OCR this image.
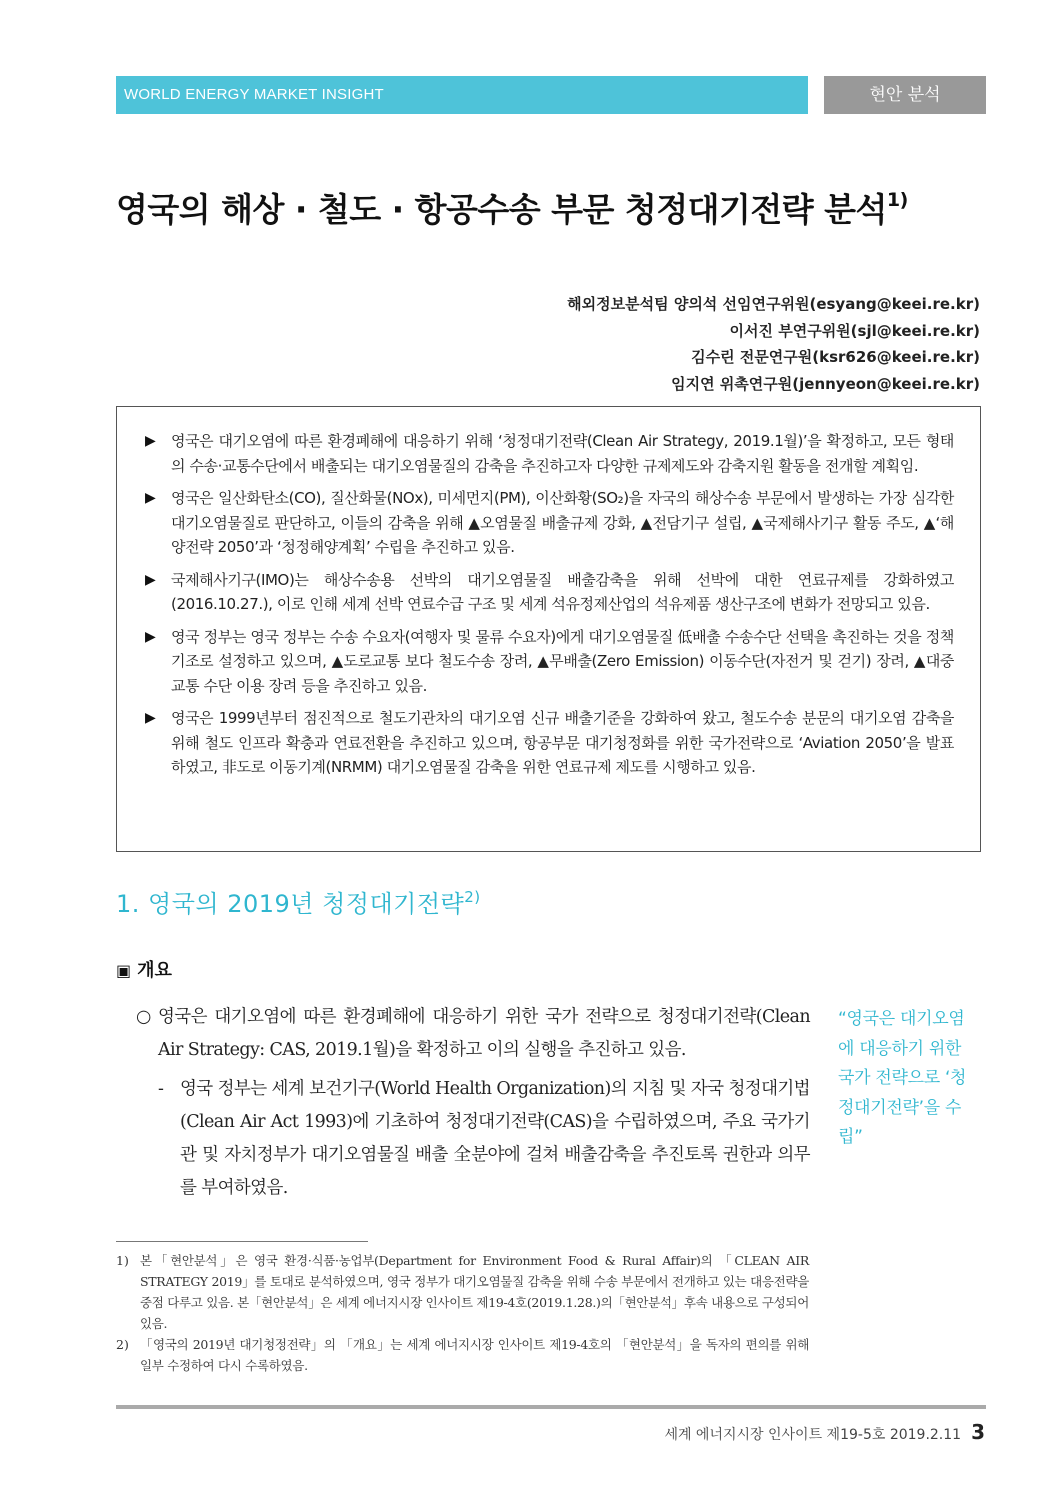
WORLD ENERGY MARKET INSIGHT	현안 분석
영국의 해상 · 철도 · 항공수송 부문 청정대기전략 분석$^{1)}$
해외정보분석팀 양의석 선임연구위원(esyang@keei.re.kr)
이서진 부연구위원(sjl@keei.re.kr)
김수린 전문연구원(ksr626@keei.re.kr)
임지연 위촉연구원(jennyeon@keei.re.kr)
▶	영국은 대기오염에 따른 환경폐해에 대응하기 위해 ‘청정대기전략(Clean Air Strategy, 2019.1월)’을 확정하고, 모든 형태의 수송·교통수단에서 배출되는 대기오염물질의 감축을 추진하고자 다양한 규제제도와 감축지원 활동을 전개할 계획임.
▶	영국은 일산화탄소(CO), 질산화물(NOx), 미세먼지(PM), 이산화황(SO₂)을 자국의 해상수송 부문에서 발생하는 가장 심각한 대기오염물질로 판단하고, 이들의 감축을 위해 ▲오염물질 배출규제 강화, ▲전담기구 설립, ▲국제해사기구 활동 주도, ▲‘해양전략 2050’과 ‘청정해양계획’ 수립을 추진하고 있음.
▶	국제해사기구(IMO)는 해상수송용 선박의 대기오염물질 배출감축을 위해 선박에 대한 연료규제를 강화하였고(2016.10.27.), 이로 인해 세계 선박 연료수급 구조 및 세계 석유정제산업의 석유제품 생산구조에 변화가 전망되고 있음.
▶	영국 정부는 영국 정부는 수송 수요자(여행자 및 물류 수요자)에게 대기오염물질 低배출 수송수단 선택을 촉진하는 것을 정책기조로 설정하고 있으며, ▲도로교통 보다 철도수송 장려, ▲무배출(Zero Emission) 이동수단(자전거 및 걷기) 장려, ▲대중교통 수단 이용 장려 등을 추진하고 있음.
▶	영국은 1999년부터 점진적으로 철도기관차의 대기오염 신규 배출기준을 강화하여 왔고, 철도수송 분문의 대기오염 감축을 위해 철도 인프라 확충과 연료전환을 추진하고 있으며, 항공부문 대기청정화를 위한 국가전략으로 ‘Aviation 2050’을 발표하였고, 非도로 이동기계(NRMM) 대기오염물질 감축을 위한 연료규제 제도를 시행하고 있음.
1. 영국의 2019년 청정대기전략$^{2)}$
▣ 개요
○ 영국은 대기오염에 따른 환경폐해에 대응하기 위한 국가 전략으로 청정대기전략(Clean Air Strategy: CAS, 2019.1월)을 확정하고 이의 실행을 추진하고 있음.
- 영국 정부는 세계 보건기구(World Health Organization)의 지침 및 자국 청정대기법(Clean Air Act 1993)에 기초하여 청정대기전략(CAS)을 수립하였으며, 주요 국가기관 및 자치정부가 대기오염물질 배출 全분야에 걸쳐 배출감축을 추진토록 권한과 의무를 부여하였음.
“영국은 대기오염에 대응하기 위한 국가 전략으로 ‘청정대기전략’을 수립”
1) 본「현안분석」은 영국 환경·식품·농업부(Department for Environment Food & Rural Affair)의 「CLEAN AIR STRATEGY 2019」를 토대로 분석하였으며, 영국 정부가 대기오염물질 감축을 위해 수송 부문에서 전개하고 있는 대응전략을 중점 다루고 있음. 본「현안분석」은 세계 에너지시장 인사이트 제19-4호(2019.1.28.)의「현안분석」후속 내용으로 구성되어 있음.
2) 「영국의 2019년 대기청정전략」의 「개요」는 세계 에너지시장 인사이트 제19-4호의 「현안분석」을 독자의 편의를 위해 일부 수정하여 다시 수록하였음.
세계 에너지시장 인사이트 제19-5호 2019.2.11 3
